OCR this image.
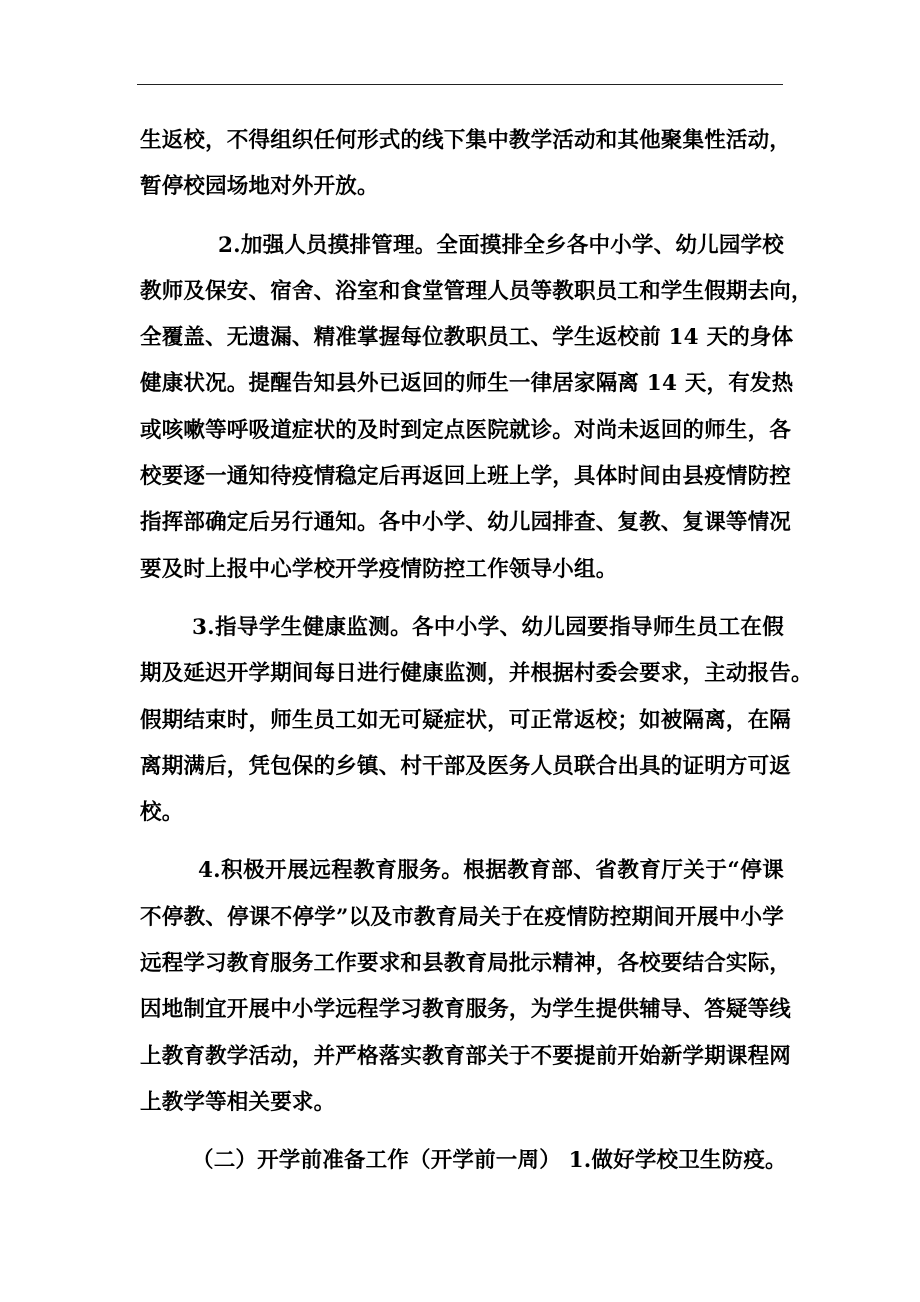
生返校，不得组织任何形式的线下集中教学活动和其他聚集性活动，
暂停校园场地对外开放。
2.加强人员摸排管理。全面摸排全乡各中小学、幼儿园学校
教师及保安、宿舍、浴室和食堂管理人员等教职员工和学生假期去向，
全覆盖、无遗漏、精准掌握每位教职员工、学生返校前 14 天的身体
健康状况。提醒告知县外已返回的师生一律居家隔离 14 天，有发热
或咳嗽等呼吸道症状的及时到定点医院就诊。对尚未返回的师生，各
校要逐一通知待疫情稳定后再返回上班上学，具体时间由县疫情防控
指挥部确定后另行通知。各中小学、幼儿园排查、复教、复课等情况
要及时上报中心学校开学疫情防控工作领导小组。
3.指导学生健康监测。各中小学、幼儿园要指导师生员工在假
期及延迟开学期间每日进行健康监测，并根据村委会要求，主动报告。
假期结束时，师生员工如无可疑症状，可正常返校；如被隔离，在隔
离期满后，凭包保的乡镇、村干部及医务人员联合出具的证明方可返
校。
4.积极开展远程教育服务。根据教育部、省教育厅关于“停课
不停教、停课不停学”以及市教育局关于在疫情防控期间开展中小学
远程学习教育服务工作要求和县教育局批示精神，各校要结合实际，
因地制宜开展中小学远程学习教育服务，为学生提供辅导、答疑等线
上教育教学活动，并严格落实教育部关于不要提前开始新学期课程网
上教学等相关要求。
（二）开学前准备工作（开学前一周） 1.做好学校卫生防疫。
